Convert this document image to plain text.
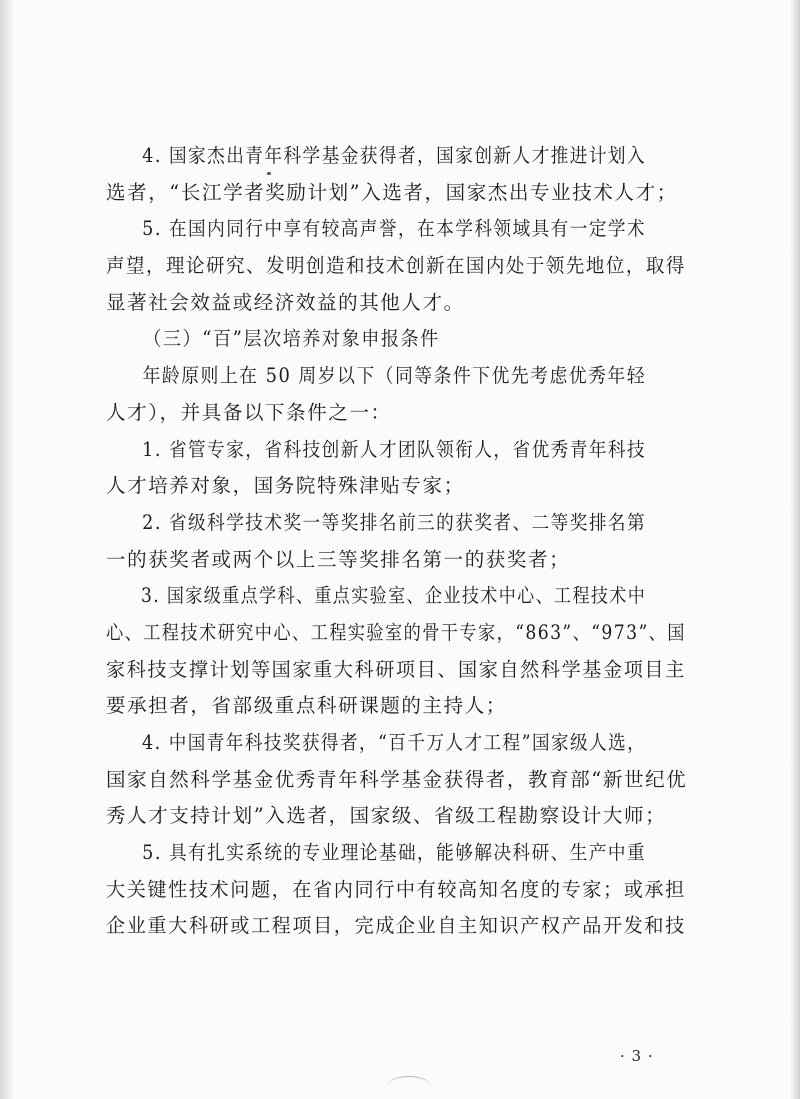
4. 国家杰出青年科学基金获得者，国家创新人才推进计划入
选者，“长江学者奖励计划”入选者，国家杰出专业技术人才；

5. 在国内同行中享有较高声誉，在本学科领域具有一定学术
声望，理论研究、发明创造和技术创新在国内处于领先地位，取得
显著社会效益或经济效益的其他人才。

（三）“百”层次培养对象申报条件

年龄原则上在 50 周岁以下（同等条件下优先考虑优秀年轻
人才），并具备以下条件之一：

1. 省管专家，省科技创新人才团队领衔人，省优秀青年科技
人才培养对象，国务院特殊津贴专家；

2. 省级科学技术奖一等奖排名前三的获奖者、二等奖排名第
一的获奖者或两个以上三等奖排名第一的获奖者；

3. 国家级重点学科、重点实验室、企业技术中心、工程技术中
心、工程技术研究中心、工程实验室的骨干专家，“863”、“973”、国
家科技支撑计划等国家重大科研项目、国家自然科学基金项目主
要承担者，省部级重点科研课题的主持人；

4. 中国青年科技奖获得者，“百千万人才工程”国家级人选，
国家自然科学基金优秀青年科学基金获得者，教育部“新世纪优
秀人才支持计划”入选者，国家级、省级工程勘察设计大师；

5. 具有扎实系统的专业理论基础，能够解决科研、生产中重
大关键性技术问题，在省内同行中有较高知名度的专家；或承担
企业重大科研或工程项目，完成企业自主知识产权产品开发和技

· 3 ·
